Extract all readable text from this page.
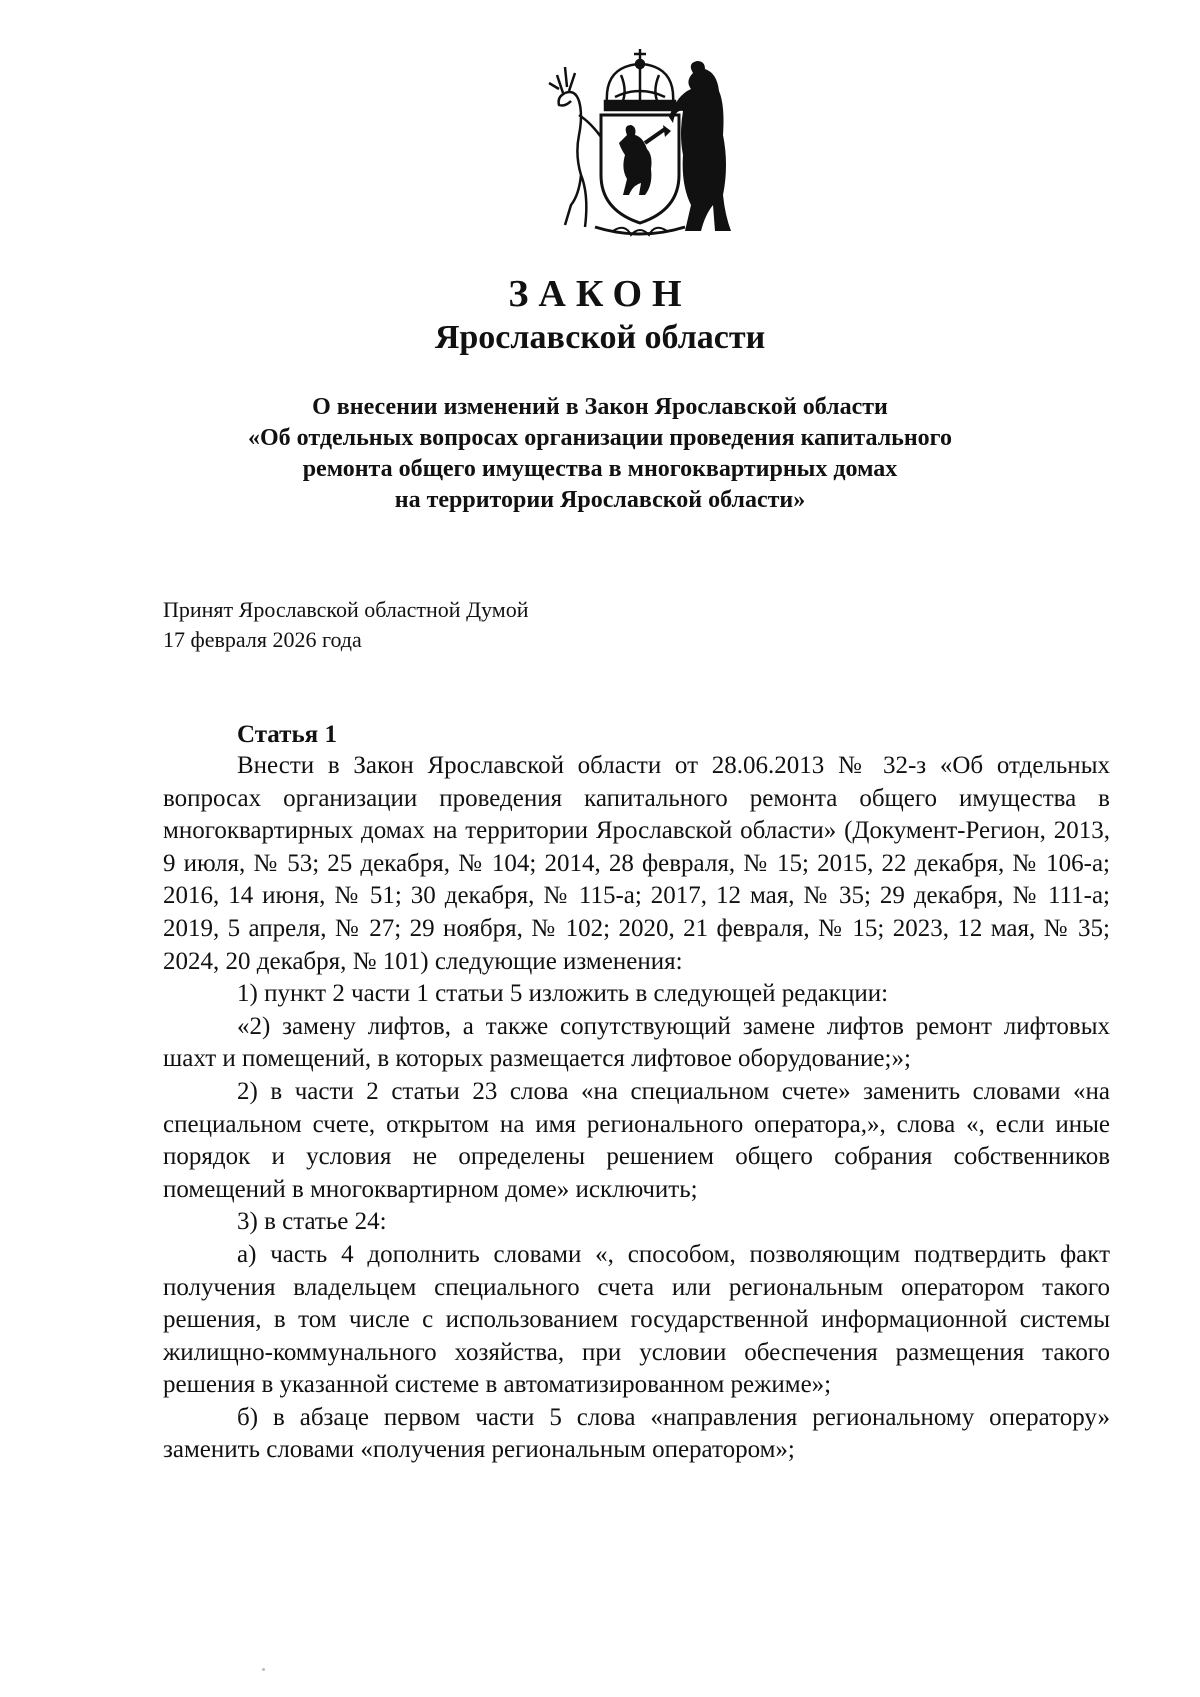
ЗАКОН
Ярославской области
О внесении изменений в Закон Ярославской области
«Об отдельных вопросах организации проведения капитального
ремонта общего имущества в многоквартирных домах
на территории Ярославской области»
Принят Ярославской областной Думой
17 февраля 2026 года
Статья 1

Внести в Закон Ярославской области от 28.06.2013 № 32-з «Об отдельных вопросах организации проведения капитального ремонта общего имущества в многоквартирных домах на территории Ярославской области» (Документ-Регион, 2013, 9 июля, № 53; 25 декабря, № 104; 2014, 28 февраля, № 15; 2015, 22 декабря, № 106-а; 2016, 14 июня, № 51; 30 декабря, № 115-а; 2017, 12 мая, № 35; 29 декабря, № 111-а; 2019, 5 апреля, № 27; 29 ноября, № 102; 2020, 21 февраля, № 15; 2023, 12 мая, № 35; 2024, 20 декабря, № 101) следующие изменения:

1) пункт 2 части 1 статьи 5 изложить в следующей редакции:

«2) замену лифтов, а также сопутствующий замене лифтов ремонт лифтовых шахт и помещений, в которых размещается лифтовое оборудование;»;

2) в части 2 статьи 23 слова «на специальном счете» заменить словами «на специальном счете, открытом на имя регионального оператора,», слова «, если иные порядок и условия не определены решением общего собрания собственников помещений в многоквартирном доме» исключить;

3) в статье 24:

а) часть 4 дополнить словами «, способом, позволяющим подтвердить факт получения владельцем специального счета или региональным оператором такого решения, в том числе с использованием государственной информационной системы жилищно-коммунального хозяйства, при условии обеспечения размещения такого решения в указанной системе в автоматизированном режиме»;

б) в абзаце первом части 5 слова «направления региональному оператору» заменить словами «получения региональным оператором»;
